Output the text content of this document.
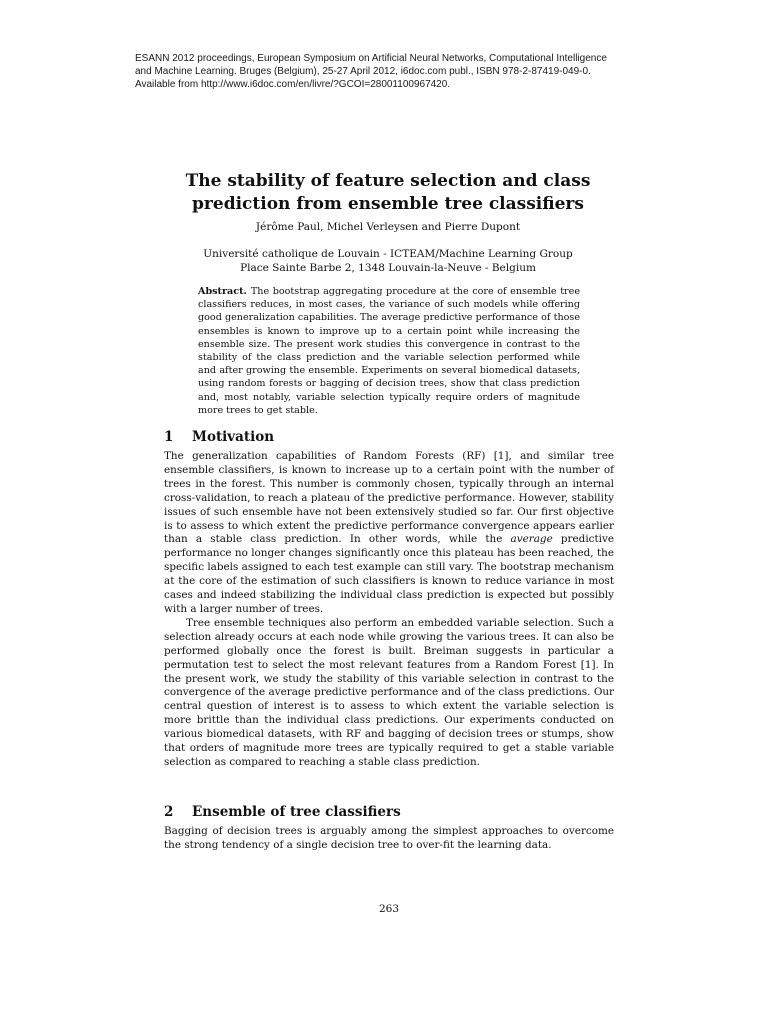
ESANN 2012 proceedings, European Symposium on Artificial Neural Networks, Computational Intelligence
and Machine Learning. Bruges (Belgium), 25-27 April 2012, i6doc.com publ., ISBN 978-2-87419-049-0.
Available from http://www.i6doc.com/en/livre/?GCOI=28001100967420.
The stability of feature selection and class
prediction from ensemble tree classifiers
Jérôme Paul, Michel Verleysen and Pierre Dupont
Université catholique de Louvain - ICTEAM/Machine Learning Group
Place Sainte Barbe 2, 1348 Louvain-la-Neuve - Belgium
Abstract. The bootstrap aggregating procedure at the core of ensemble tree classifiers reduces, in most cases, the variance of such models while offering good generalization capabilities. The average predictive performance of those ensembles is known to improve up to a certain point while increasing the ensemble size. The present work studies this convergence in contrast to the stability of the class prediction and the variable selection performed while and after growing the ensemble. Experiments on several biomedical datasets, using random forests or bagging of decision trees, show that class prediction and, most notably, variable selection typically require orders of magnitude more trees to get stable.
1 Motivation

The generalization capabilities of Random Forests (RF) [1], and similar tree ensemble classifiers, is known to increase up to a certain point with the number of trees in the forest. This number is commonly chosen, typically through an internal cross-validation, to reach a plateau of the predictive performance. However, stability issues of such ensemble have not been extensively studied so far. Our first objective is to assess to which extent the predictive performance convergence appears earlier than a stable class prediction. In other words, while the average predictive performance no longer changes significantly once this plateau has been reached, the specific labels assigned to each test example can still vary. The bootstrap mechanism at the core of the estimation of such classifiers is known to reduce variance in most cases and indeed stabilizing the individual class prediction is expected but possibly with a larger number of trees.

Tree ensemble techniques also perform an embedded variable selection. Such a selection already occurs at each node while growing the various trees. It can also be performed globally once the forest is built. Breiman suggests in particular a permutation test to select the most relevant features from a Random Forest [1]. In the present work, we study the stability of this variable selection in contrast to the convergence of the average predictive performance and of the class predictions. Our central question of interest is to assess to which extent the variable selection is more brittle than the individual class predictions. Our experiments conducted on various biomedical datasets, with RF and bagging of decision trees or stumps, show that orders of magnitude more trees are typically required to get a stable variable selection as compared to reaching a stable class prediction.

2 Ensemble of tree classifiers

Bagging of decision trees is arguably among the simplest approaches to overcome the strong tendency of a single decision tree to over-fit the learning data.

263
